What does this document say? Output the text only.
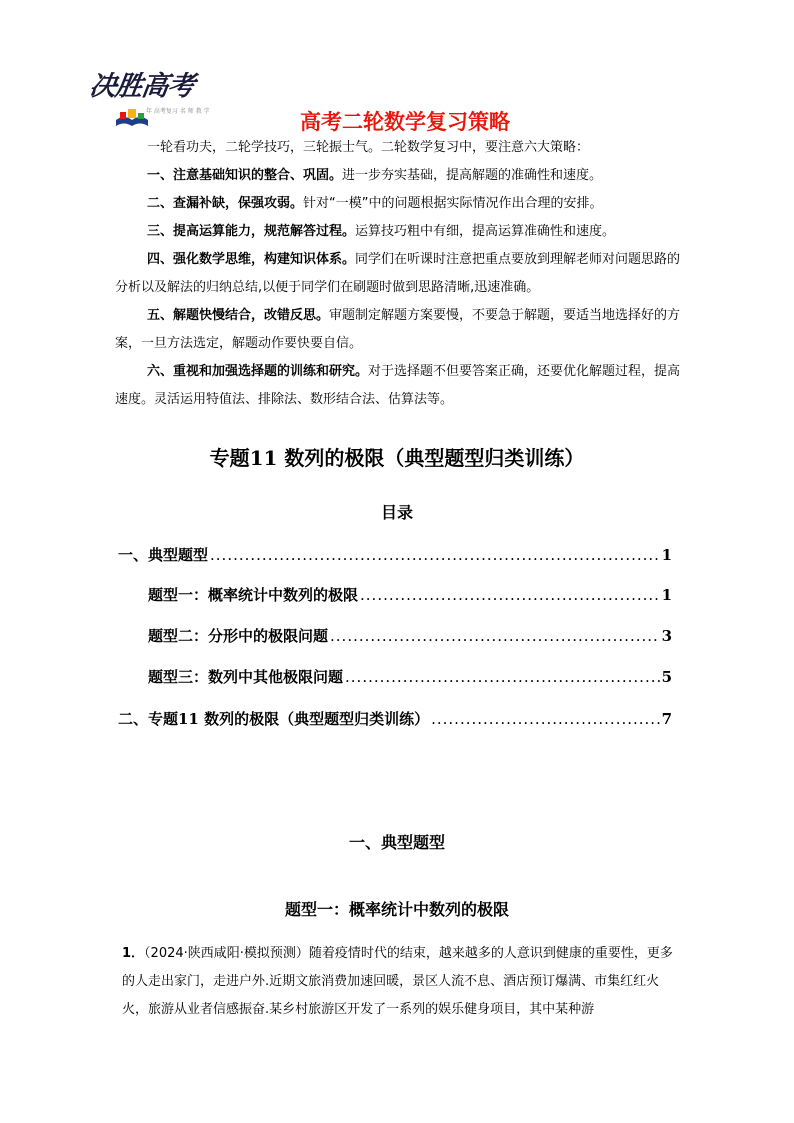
决胜高考
年 高考复习 名 师 教 学	高考二轮数学复习策略

一轮看功夫，二轮学技巧，三轮振士气。二轮数学复习中，要注意六大策略：

一、注意基础知识的整合、巩固。进一步夯实基础，提高解题的准确性和速度。

二、查漏补缺，保强攻弱。针对“一模”中的问题根据实际情况作出合理的安排。

三、提高运算能力，规范解答过程。运算技巧粗中有细，提高运算准确性和速度。

四、强化数学思维，构建知识体系。同学们在听课时注意把重点要放到理解老师对问题思路的分析以及解法的归纳总结,以便于同学们在刷题时做到思路清晰,迅速准确。

五、解题快慢结合，改错反思。审题制定解题方案要慢，不要急于解题，要适当地选择好的方案，一旦方法选定，解题动作要快要自信。

六、重视和加强选择题的训练和研究。对于选择题不但要答案正确，还要优化解题过程，提高速度。灵活运用特值法、排除法、数形结合法、估算法等。

专题11 数列的极限（典型题型归类训练）
目录
一、典型题型 .....	1
题型一：概率统计中数列的极限 .....	1
题型二：分形中的极限问题 .....	3
题型三：数列中其他极限问题 .....	5
二、专题11 数列的极限（典型题型归类训练） .....	7
一、典型题型
题型一：概率统计中数列的极限

1．（2024·陕西咸阳·模拟预测）随着疫情时代的结束，越来越多的人意识到健康的重要性，更多的人走出家门，走进户外.近期文旅消费加速回暖，景区人流不息、酒店预订爆满、市集红红火火，旅游从业者信感振奋.某乡村旅游区开发了一系列的娱乐健身项目，其中某种游
